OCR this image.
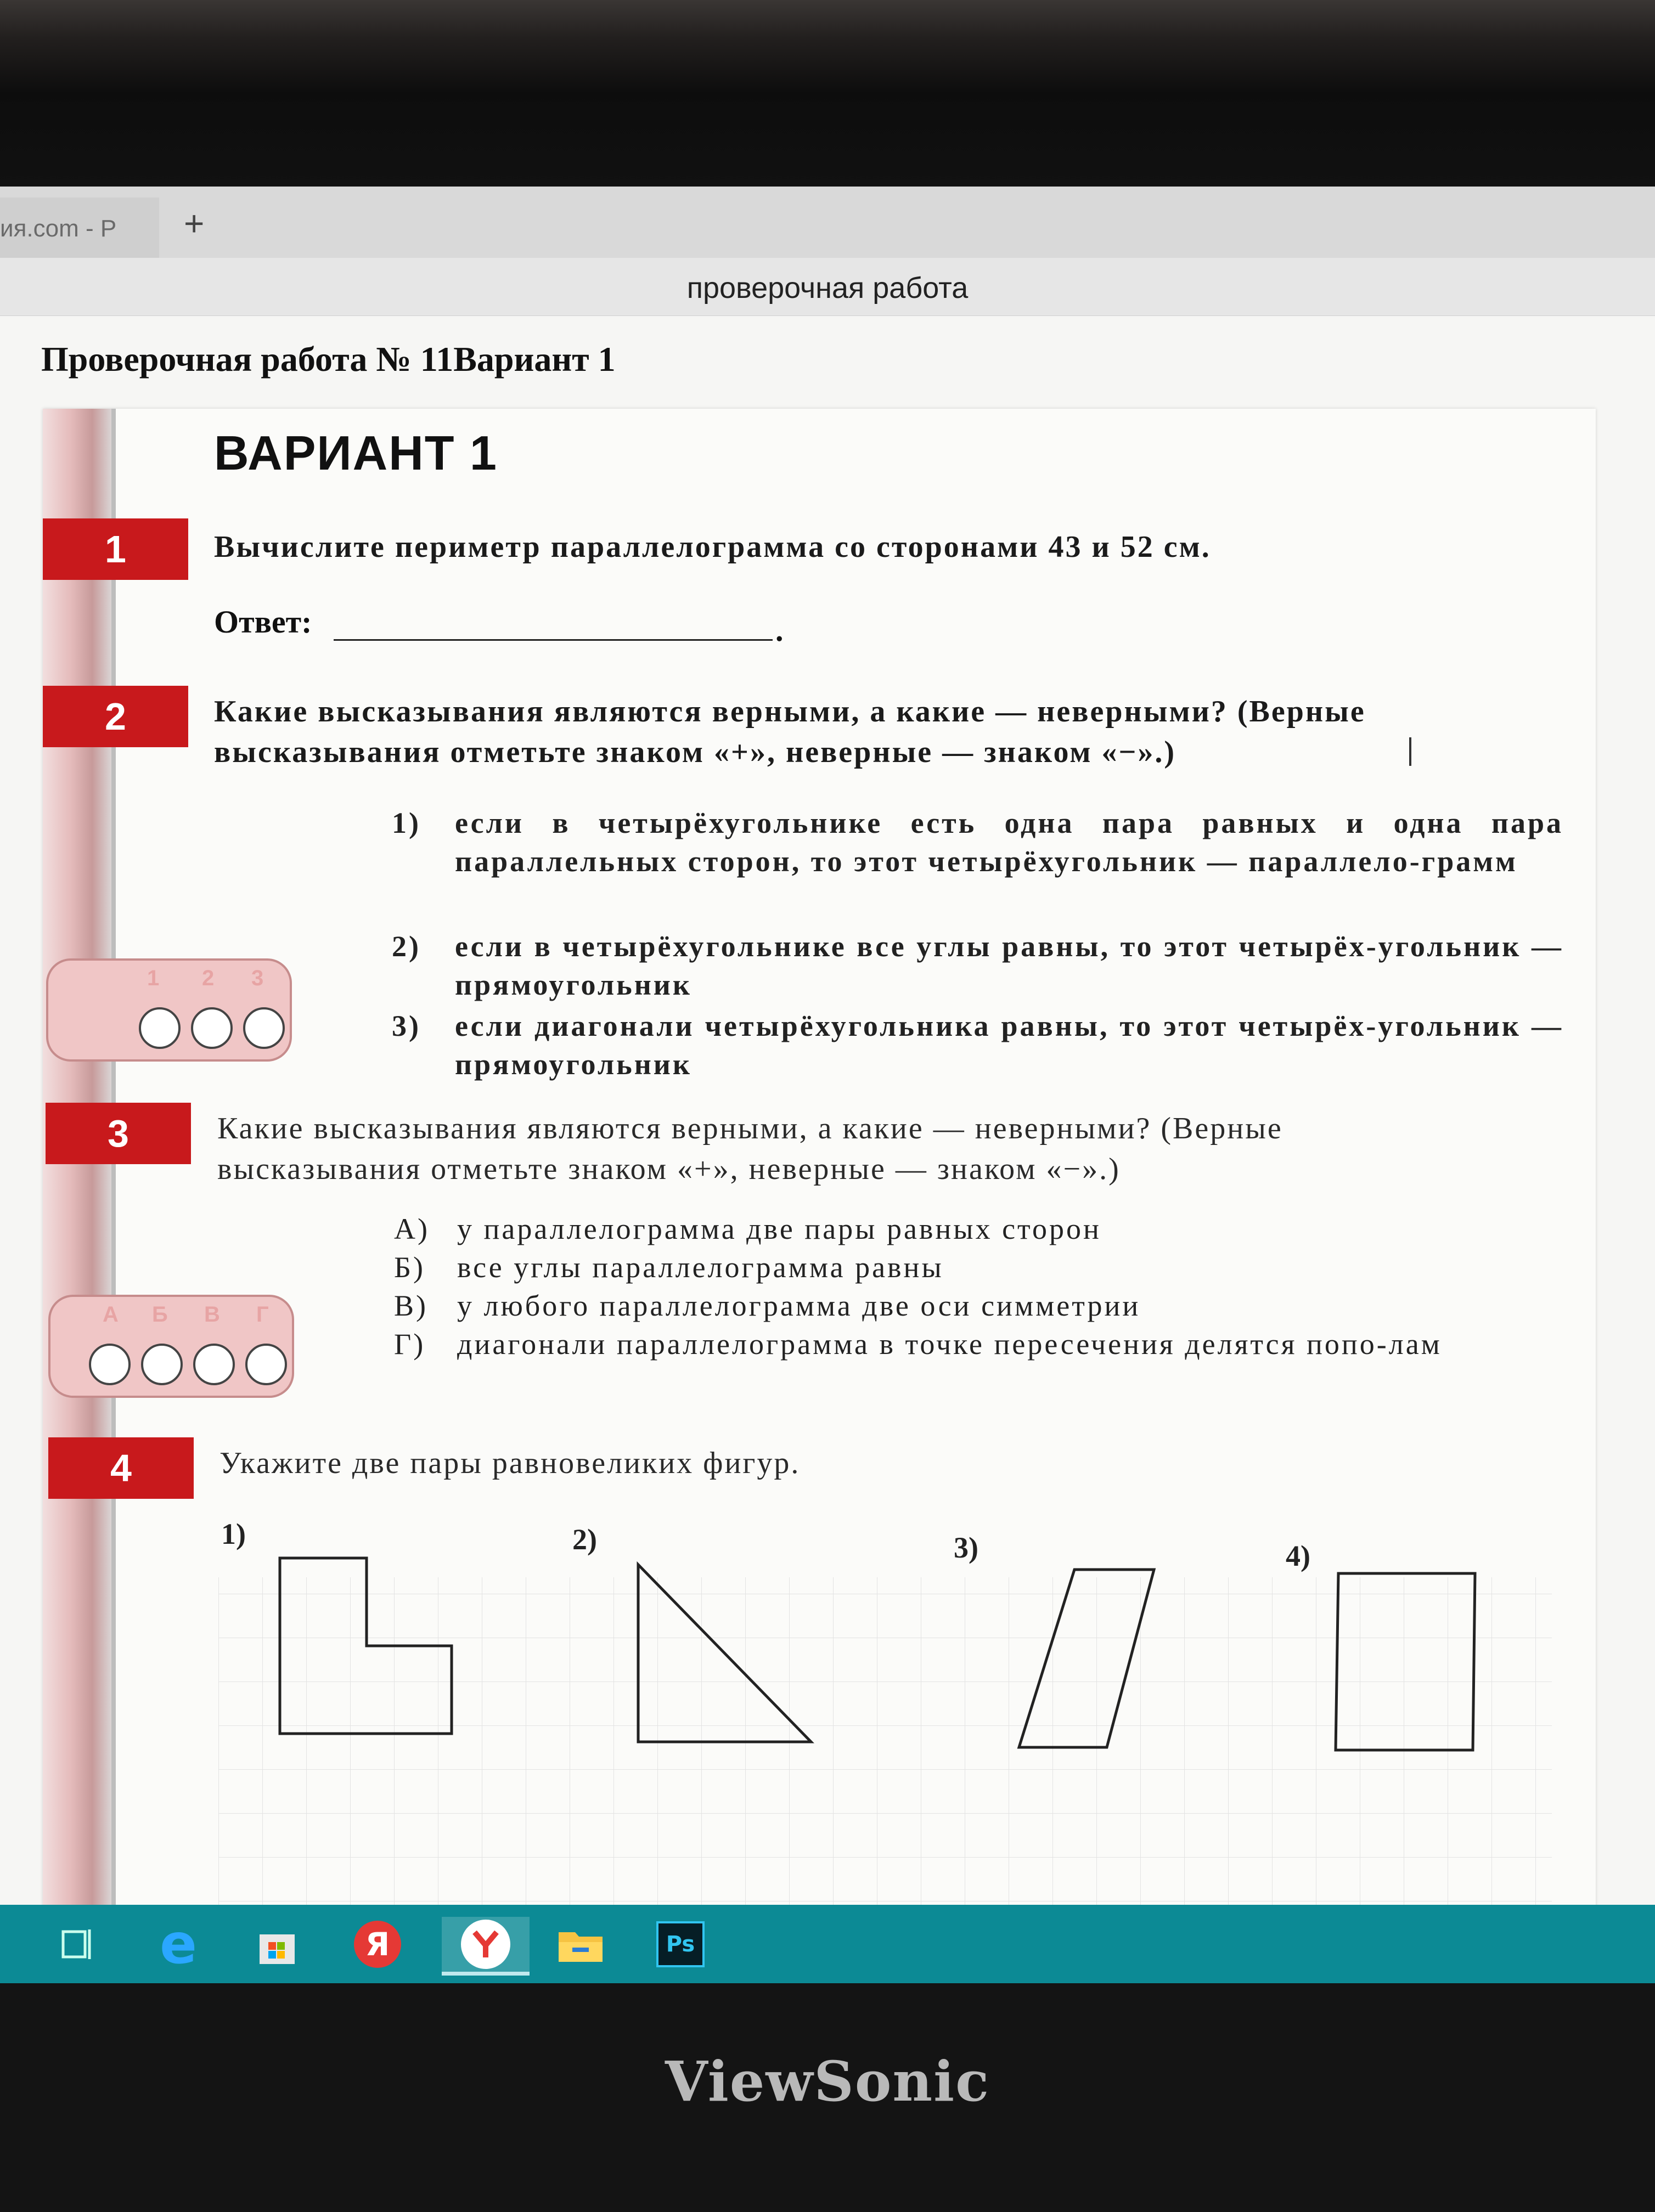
ия.com - Р +
проверочная работа
Проверочная работа № 11Вариант 1
ВАРИАНТ 1
1	Вычислите периметр параллелограмма со сторонами 43 и 52 см.
Ответ:	.
2	Какие высказывания являются верными, а какие — неверными? (Верные
высказывания отметьте знаком «+», неверные — знаком «−».)
1) если в четырёхугольнике есть одна пара равных и одна пара параллельных сторон, то этот четырёхугольник — параллело-грамм
2) если в четырёхугольнике все углы равны, то этот четырёх-угольник — прямоугольник
3) если диагонали четырёхугольника равны, то этот четырёх-угольник — прямоугольник
1 2 3
3	Какие высказывания являются верными, а какие — неверными? (Верные
высказывания отметьте знаком «+», неверные — знаком «−».)
А) у параллелограмма две пары равных сторон
Б) все углы параллелограмма равны
В) у любого параллелограмма две оси симметрии
Г) диагонали параллелограмма в точке пересечения делятся попо-лам
А Б В Г
4	Укажите две пары равновеликих фигур.
1)	2)	3)	4)
e	Я	Ps
ViewSonic
